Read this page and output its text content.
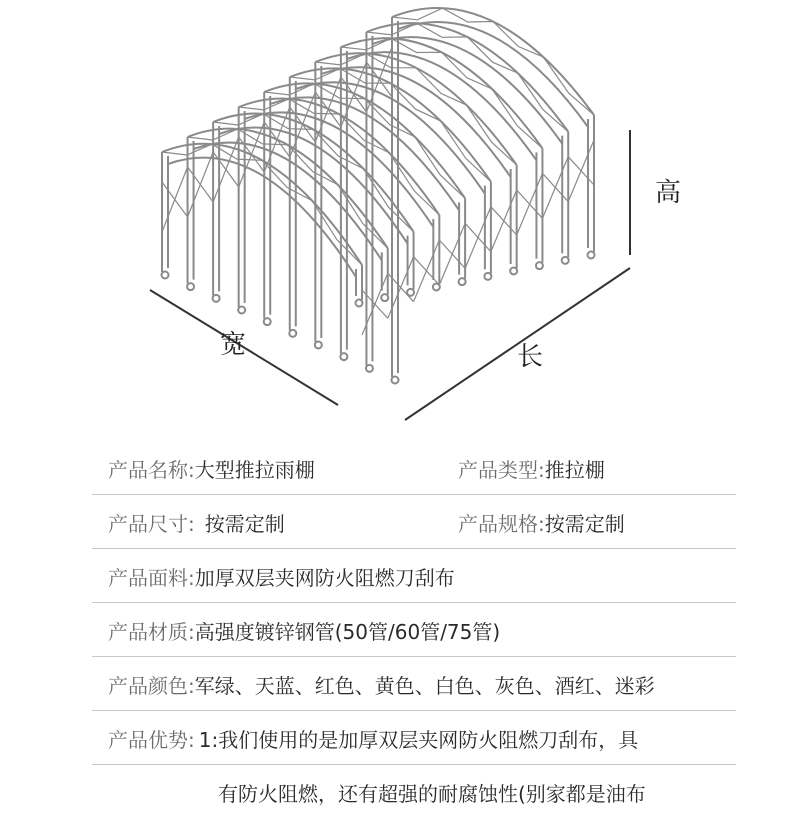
高
宽	长
产品名称: 大型推拉雨棚	产品类型: 推拉棚
产品尺寸: 按需定制	产品规格: 按需定制
产品面料: 加厚双层夹网防火阻燃刀刮布
产品材质: 高强度镀锌钢管(50管/60管/75管)
产品颜色: 军绿、天蓝、红色、黄色、白色、灰色、酒红、迷彩
产品优势: 1:我们使用的是加厚双层夹网防火阻燃刀刮布，具
有防火阻燃，还有超强的耐腐蚀性(别家都是油布
